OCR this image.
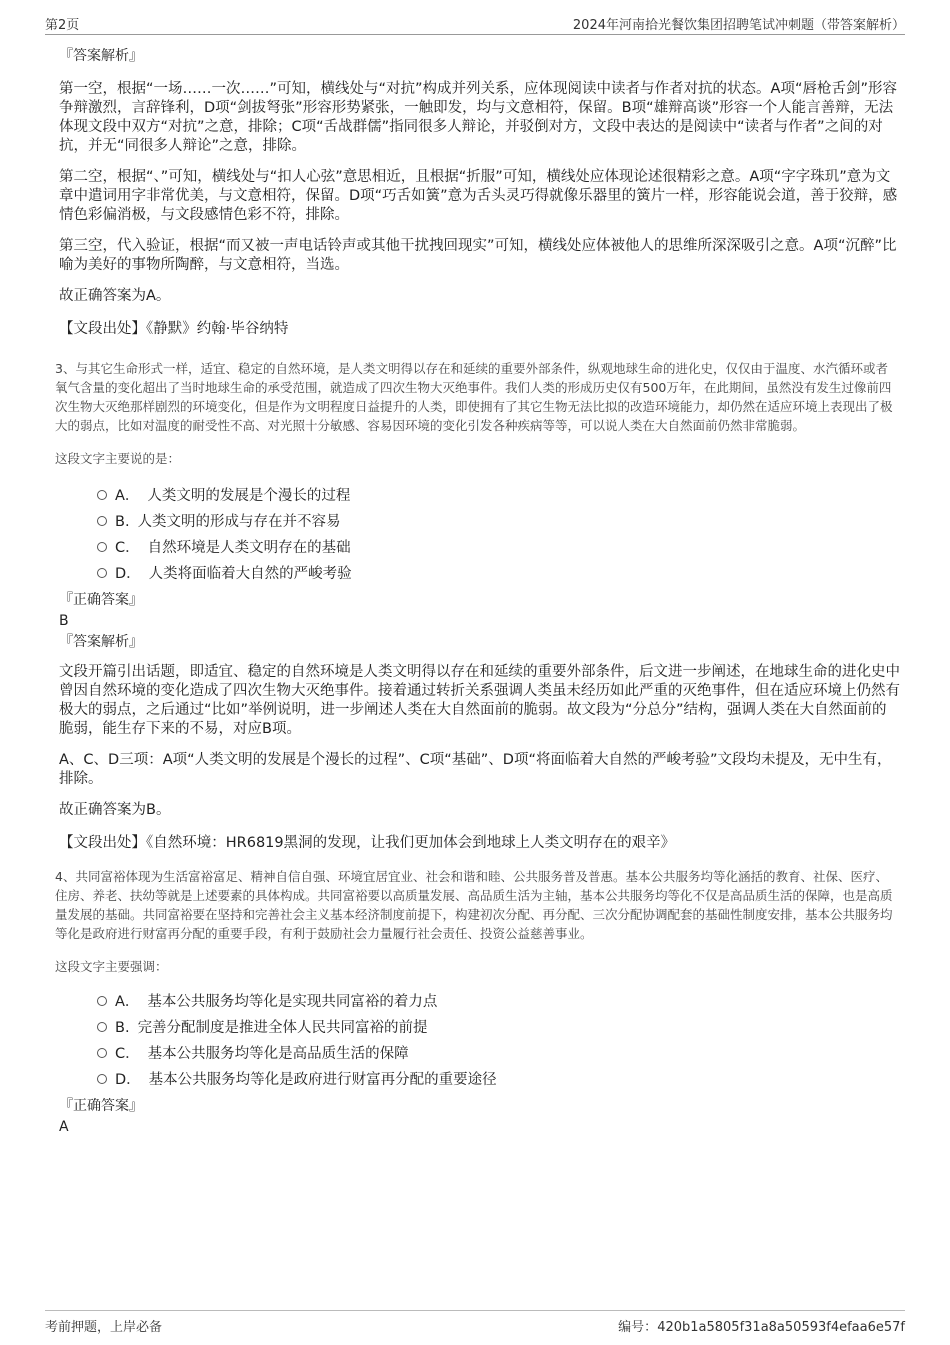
第2页	2024年河南拾光餐饮集团招聘笔试冲刺题（带答案解析）

『答案解析』

第一空，根据“一场……一次……”可知，横线处与“对抗”构成并列关系，应体现阅读中读者与作者对抗的状态。A项“唇枪舌剑”形容争辩激烈，言辞锋利，D项“剑拔弩张”形容形势紧张，一触即发，均与文意相符，保留。B项“雄辩高谈”形容一个人能言善辩，无法体现文段中双方“对抗”之意，排除；C项“舌战群儒”指同很多人辩论，并驳倒对方，文段中表达的是阅读中“读者与作者”之间的对抗，并无“同很多人辩论”之意，排除。

第二空，根据“、”可知，横线处与“扣人心弦”意思相近，且根据“折服”可知，横线处应体现论述很精彩之意。A项“字字珠玑”意为文章中遣词用字非常优美，与文意相符，保留。D项“巧舌如簧”意为舌头灵巧得就像乐器里的簧片一样，形容能说会道，善于狡辩，感情色彩偏消极，与文段感情色彩不符，排除。

第三空，代入验证，根据“而又被一声电话铃声或其他干扰拽回现实”可知，横线处应体被他人的思维所深深吸引之意。A项“沉醉”比喻为美好的事物所陶醉，与文意相符，当选。

故正确答案为A。

【文段出处】《静默》约翰·毕谷纳特

3、与其它生命形式一样，适宜、稳定的自然环境，是人类文明得以存在和延续的重要外部条件，纵观地球生命的进化史，仅仅由于温度、水汽循环或者氧气含量的变化超出了当时地球生命的承受范围，就造成了四次生物大灭绝事件。我们人类的形成历史仅有500万年，在此期间，虽然没有发生过像前四次生物大灭绝那样剧烈的环境变化，但是作为文明程度日益提升的人类，即使拥有了其它生物无法比拟的改造环境能力，却仍然在适应环境上表现出了极大的弱点，比如对温度的耐受性不高、对光照十分敏感、容易因环境的变化引发各种疾病等等，可以说人类在大自然面前仍然非常脆弱。

这段文字主要说的是：

A． 人类文明的发展是个漫长的过程
B. 人类文明的形成与存在并不容易
C． 自然环境是人类文明存在的基础
D． 人类将面临着大自然的严峻考验

『正确答案』

B

『答案解析』

文段开篇引出话题，即适宜、稳定的自然环境是人类文明得以存在和延续的重要外部条件，后文进一步阐述，在地球生命的进化史中曾因自然环境的变化造成了四次生物大灭绝事件。接着通过转折关系强调人类虽未经历如此严重的灭绝事件，但在适应环境上仍然有极大的弱点，之后通过“比如”举例说明，进一步阐述人类在大自然面前的脆弱。故文段为“分总分”结构，强调人类在大自然面前的脆弱，能生存下来的不易，对应B项。

A、C、D三项：A项“人类文明的发展是个漫长的过程”、C项“基础”、D项“将面临着大自然的严峻考验”文段均未提及，无中生有，排除。

故正确答案为B。

【文段出处】《自然环境：HR6819黑洞的发现，让我们更加体会到地球上人类文明存在的艰辛》

4、共同富裕体现为生活富裕富足、精神自信自强、环境宜居宜业、社会和谐和睦、公共服务普及普惠。基本公共服务均等化涵括的教育、社保、医疗、住房、养老、扶幼等就是上述要素的具体构成。共同富裕要以高质量发展、高品质生活为主轴，基本公共服务均等化不仅是高品质生活的保障，也是高质量发展的基础。共同富裕要在坚持和完善社会主义基本经济制度前提下，构建初次分配、再分配、三次分配协调配套的基础性制度安排，基本公共服务均等化是政府进行财富再分配的重要手段，有利于鼓励社会力量履行社会责任、投资公益慈善事业。

这段文字主要强调：

A． 基本公共服务均等化是实现共同富裕的着力点
B. 完善分配制度是推进全体人民共同富裕的前提
C． 基本公共服务均等化是高品质生活的保障
D． 基本公共服务均等化是政府进行财富再分配的重要途径

『正确答案』

A

考前押题，上岸必备	编号：420b1a5805f31a8a50593f4efaa6e57f
